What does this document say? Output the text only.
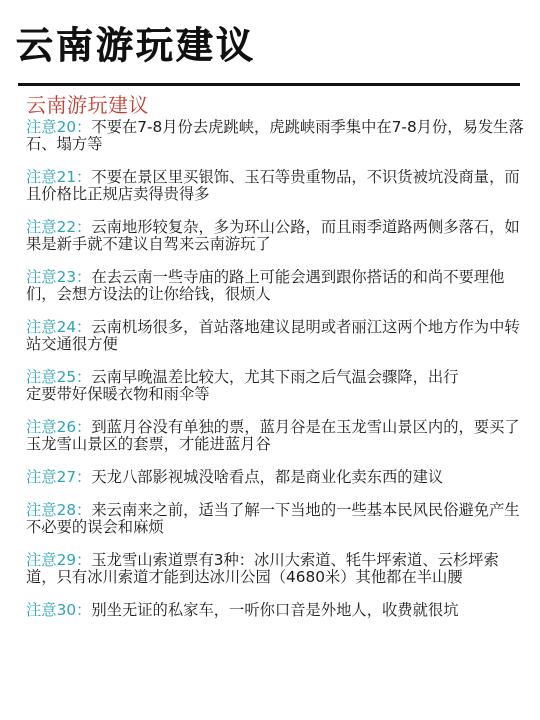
云南游玩建议
云南游玩建议
注意20：不要在7-8月份去虎跳峡，虎跳峡雨季集中在7-8月份，易发生落石、塌方等
注意21：不要在景区里买银饰、玉石等贵重物品，不识货被坑没商量，而且价格比正规店卖得贵得多
注意22：云南地形较复杂，多为环山公路，而且雨季道路两侧多落石，如果是新手就不建议自驾来云南游玩了
注意23：在去云南一些寺庙的路上可能会遇到跟你搭话的和尚不要理他们，会想方设法的让你给钱，很烦人
注意24：云南机场很多，首站落地建议昆明或者丽江这两个地方作为中转站交通很方便
注意25：云南早晚温差比较大，尤其下雨之后气温会骤降，出行
定要带好保暖衣物和雨伞等
注意26：到蓝月谷没有单独的票，蓝月谷是在玉龙雪山景区内的，要买了玉龙雪山景区的套票，才能进蓝月谷
注意27：天龙八部影视城没啥看点，都是商业化卖东西的建议
注意28：来云南来之前，适当了解一下当地的一些基本民风民俗避免产生不必要的误会和麻烦
注意29：玉龙雪山索道票有3种：冰川大索道、牦牛坪索道、云杉坪索道，只有冰川索道才能到达冰川公园（4680米）其他都在半山腰
注意30：别坐无证的私家车，一听你口音是外地人，收费就很坑
